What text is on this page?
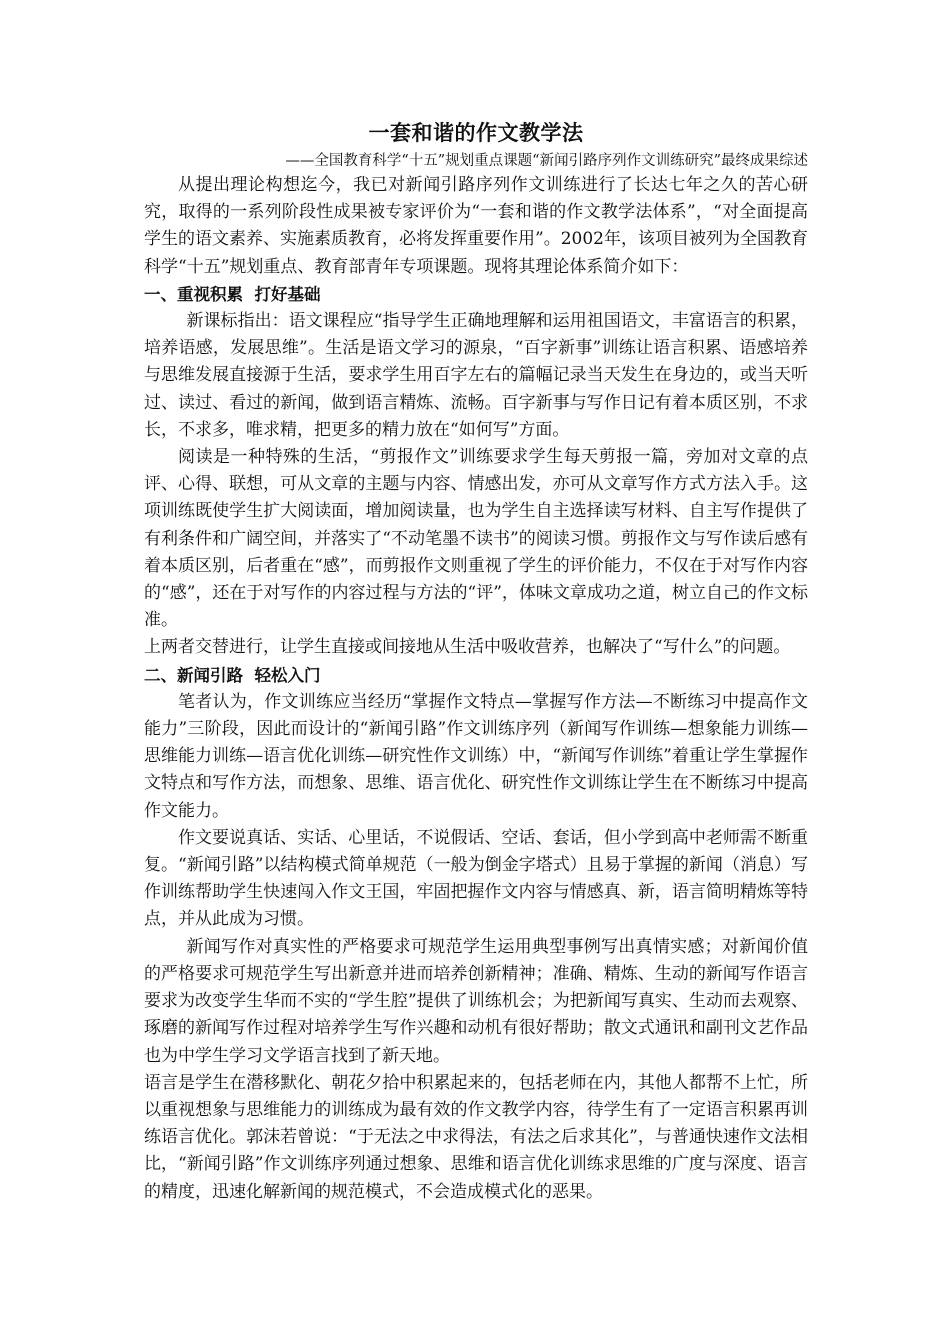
一套和谐的作文教学法
——全国教育科学“十五”规划重点课题“新闻引路序列作文训练研究”最终成果综述

从提出理论构想迄今，我已对新闻引路序列作文训练进行了长达七年之久的苦心研究，取得的一系列阶段性成果被专家评价为“一套和谐的作文教学法体系”，“对全面提高学生的语文素养、实施素质教育，必将发挥重要作用”。2002年，该项目被列为全国教育科学“十五”规划重点、教育部青年专项课题。现将其理论体系简介如下：

一、重视积累  打好基础

新课标指出：语文课程应“指导学生正确地理解和运用祖国语文，丰富语言的积累，培养语感，发展思维”。生活是语文学习的源泉，“百字新事”训练让语言积累、语感培养与思维发展直接源于生活，要求学生用百字左右的篇幅记录当天发生在身边的，或当天听过、读过、看过的新闻，做到语言精炼、流畅。百字新事与写作日记有着本质区别，不求长，不求多，唯求精，把更多的精力放在“如何写”方面。

阅读是一种特殊的生活，“剪报作文”训练要求学生每天剪报一篇，旁加对文章的点评、心得、联想，可从文章的主题与内容、情感出发，亦可从文章写作方式方法入手。这项训练既使学生扩大阅读面，增加阅读量，也为学生自主选择读写材料、自主写作提供了有利条件和广阔空间，并落实了“不动笔墨不读书”的阅读习惯。剪报作文与写作读后感有着本质区别，后者重在“感”，而剪报作文则重视了学生的评价能力，不仅在于对写作内容的“感”，还在于对写作的内容过程与方法的“评”，体味文章成功之道，树立自己的作文标准。

上两者交替进行，让学生直接或间接地从生活中吸收营养，也解决了“写什么”的问题。

二、新闻引路  轻松入门

笔者认为，作文训练应当经历“掌握作文特点—掌握写作方法—不断练习中提高作文能力”三阶段，因此而设计的“新闻引路”作文训练序列（新闻写作训练—想象能力训练—思维能力训练—语言优化训练—研究性作文训练）中，“新闻写作训练”着重让学生掌握作文特点和写作方法，而想象、思维、语言优化、研究性作文训练让学生在不断练习中提高作文能力。

作文要说真话、实话、心里话，不说假话、空话、套话，但小学到高中老师需不断重复。“新闻引路”以结构模式简单规范（一般为倒金字塔式）且易于掌握的新闻（消息）写作训练帮助学生快速闯入作文王国，牢固把握作文内容与情感真、新，语言简明精炼等特点，并从此成为习惯。

新闻写作对真实性的严格要求可规范学生运用典型事例写出真情实感；对新闻价值的严格要求可规范学生写出新意并进而培养创新精神；准确、精炼、生动的新闻写作语言要求为改变学生华而不实的“学生腔”提供了训练机会；为把新闻写真实、生动而去观察、琢磨的新闻写作过程对培养学生写作兴趣和动机有很好帮助；散文式通讯和副刊文艺作品也为中学生学习文学语言找到了新天地。

语言是学生在潜移默化、朝花夕拾中积累起来的，包括老师在内，其他人都帮不上忙，所以重视想象与思维能力的训练成为最有效的作文教学内容，待学生有了一定语言积累再训练语言优化。郭沫若曾说：“于无法之中求得法，有法之后求其化”，与普通快速作文法相比，“新闻引路”作文训练序列通过想象、思维和语言优化训练求思维的广度与深度、语言的精度，迅速化解新闻的规范模式，不会造成模式化的恶果。
